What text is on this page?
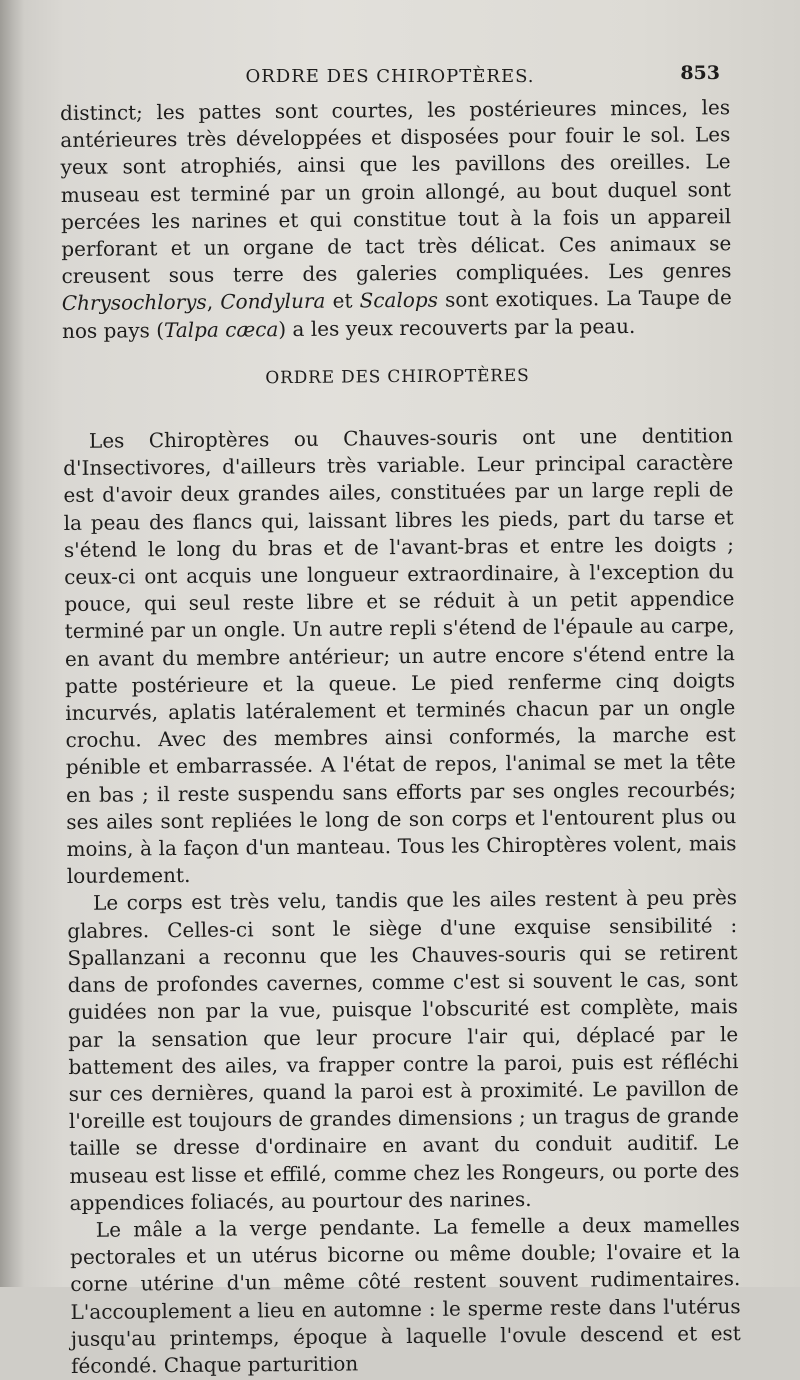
ORDRE DES CHIROPTÈRES.	853

distinct; les pattes sont courtes, les postérieures minces, les antérieures très développées et disposées pour fouir le sol. Les yeux sont atrophiés, ainsi que les pavillons des oreilles. Le museau est terminé par un groin allongé, au bout duquel sont percées les narines et qui constitue tout à la fois un appareil perforant et un organe de tact très délicat. Ces animaux se creusent sous terre des galeries compliquées. Les genres Chrysochlorys, Condylura et Scalops sont exotiques. La Taupe de nos pays (Talpa cæca) a les yeux recouverts par la peau.

ORDRE DES CHIROPTÈRES

Les Chiroptères ou Chauves-souris ont une dentition d'Insectivores, d'ailleurs très variable. Leur principal caractère est d'avoir deux grandes ailes, constituées par un large repli de la peau des flancs qui, laissant libres les pieds, part du tarse et s'étend le long du bras et de l'avant-bras et entre les doigts ; ceux-ci ont acquis une longueur extraordinaire, à l'exception du pouce, qui seul reste libre et se réduit à un petit appendice terminé par un ongle. Un autre repli s'étend de l'épaule au carpe, en avant du membre antérieur; un autre encore s'étend entre la patte postérieure et la queue. Le pied renferme cinq doigts incurvés, aplatis latéralement et terminés chacun par un ongle crochu. Avec des membres ainsi conformés, la marche est pénible et embarrassée. A l'état de repos, l'animal se met la tête en bas ; il reste suspendu sans efforts par ses ongles recourbés; ses ailes sont repliées le long de son corps et l'entourent plus ou moins, à la façon d'un manteau. Tous les Chiroptères volent, mais lourdement.

Le corps est très velu, tandis que les ailes restent à peu près glabres. Celles-ci sont le siège d'une exquise sensibilité : Spallanzani a reconnu que les Chauves-souris qui se retirent dans de profondes cavernes, comme c'est si souvent le cas, sont guidées non par la vue, puisque l'obscurité est complète, mais par la sensation que leur procure l'air qui, déplacé par le battement des ailes, va frapper contre la paroi, puis est réfléchi sur ces dernières, quand la paroi est à proximité. Le pavillon de l'oreille est toujours de grandes dimensions ; un tragus de grande taille se dresse d'ordinaire en avant du conduit auditif. Le museau est lisse et effilé, comme chez les Rongeurs, ou porte des appendices foliacés, au pourtour des narines.

Le mâle a la verge pendante. La femelle a deux mamelles pectorales et un utérus bicorne ou même double; l'ovaire et la corne utérine d'un même côté restent souvent rudimentaires. L'accouplement a lieu en automne : le sperme reste dans l'utérus jusqu'au printemps, époque à laquelle l'ovule descend et est fécondé. Chaque parturition
